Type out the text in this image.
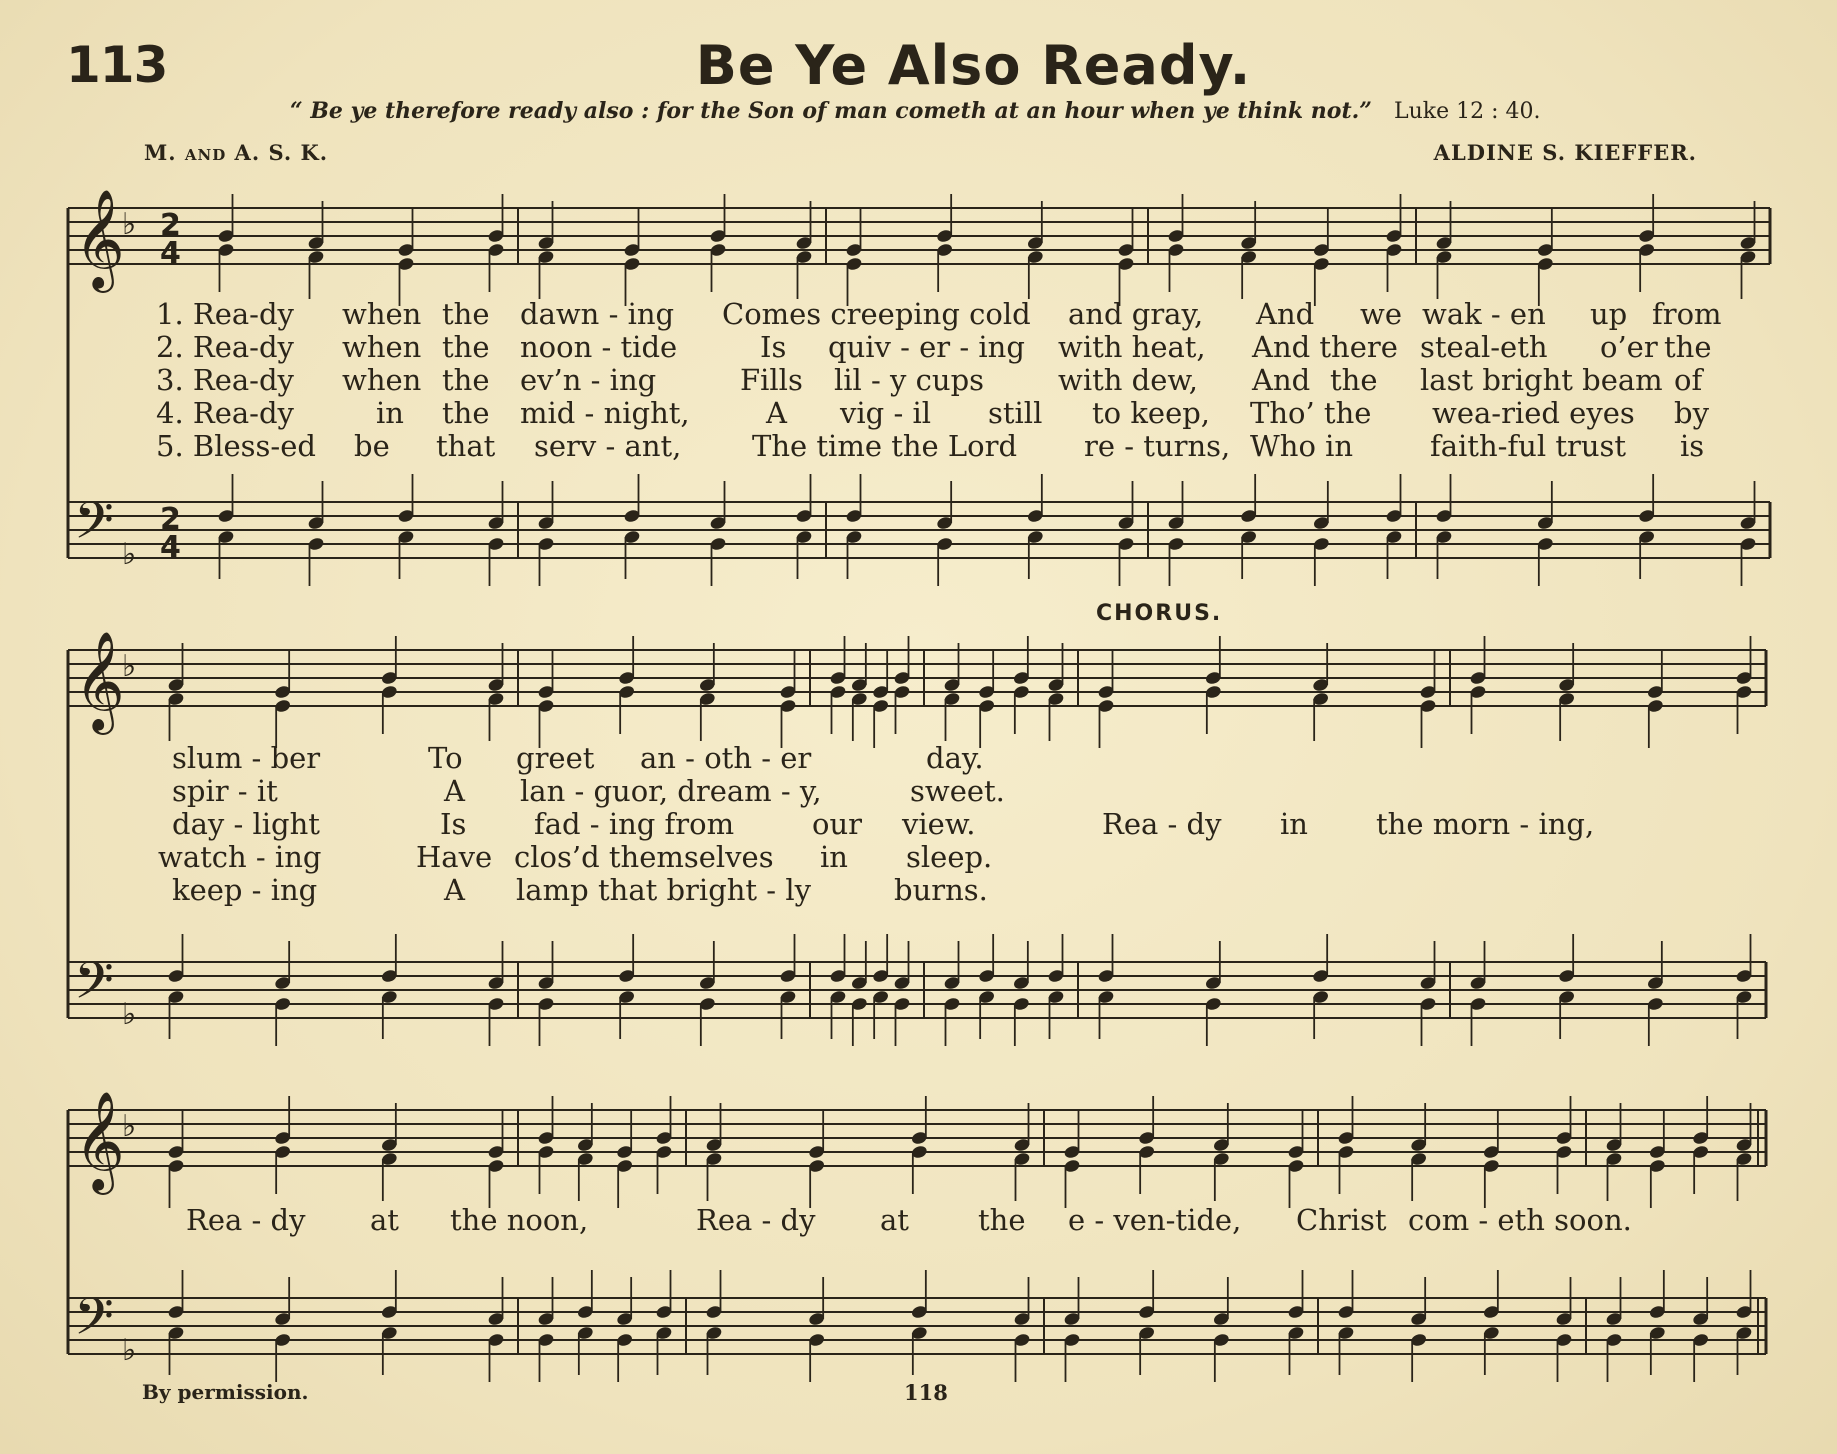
113	Be Ye Also Ready.
“ Be ye therefore ready also : for the Son of man cometh at an hour when ye think not.” Luke 12 : 40.
M. and A. S. K.	ALDINE S. KIEFFER.
𝄞
𝄢
♭
♭
2
4
2
4
𝄞
𝄢
♭
♭
𝄞
𝄢
♭
♭
1. Rea-dy when the dawn - ing Comes creeping cold and gray, And we wak - en up from
2. Rea-dy when the noon - tide	Is quiv - er - ing with heat, And there steal-eth o’er the
3. Rea-dy when the ev’n - ing	Fills lil - y cups	with dew, And the last bright beam of
4. Rea-dy	in the mid - night,	A vig - il still to keep, Tho’ the wea-ried eyes by
5. Bless-ed be that serv - ant, The time the Lord re - turns, Who in	faith-ful trust is
CHORUS.
slum - ber	To greet an - oth - er	day.
spir - it	A lan - guor, dream - y,	sweet.
day - light	Is fad - ing from	our view.
watch - ing	Have clos’d themselves in sleep.
keep - ing	A lamp that bright - ly	burns.
Rea - dy in the morn - ing,
Rea - dy at the noon,	Rea - dy at the e - ven-tide, Christ com - eth soon.
By permission.	118
